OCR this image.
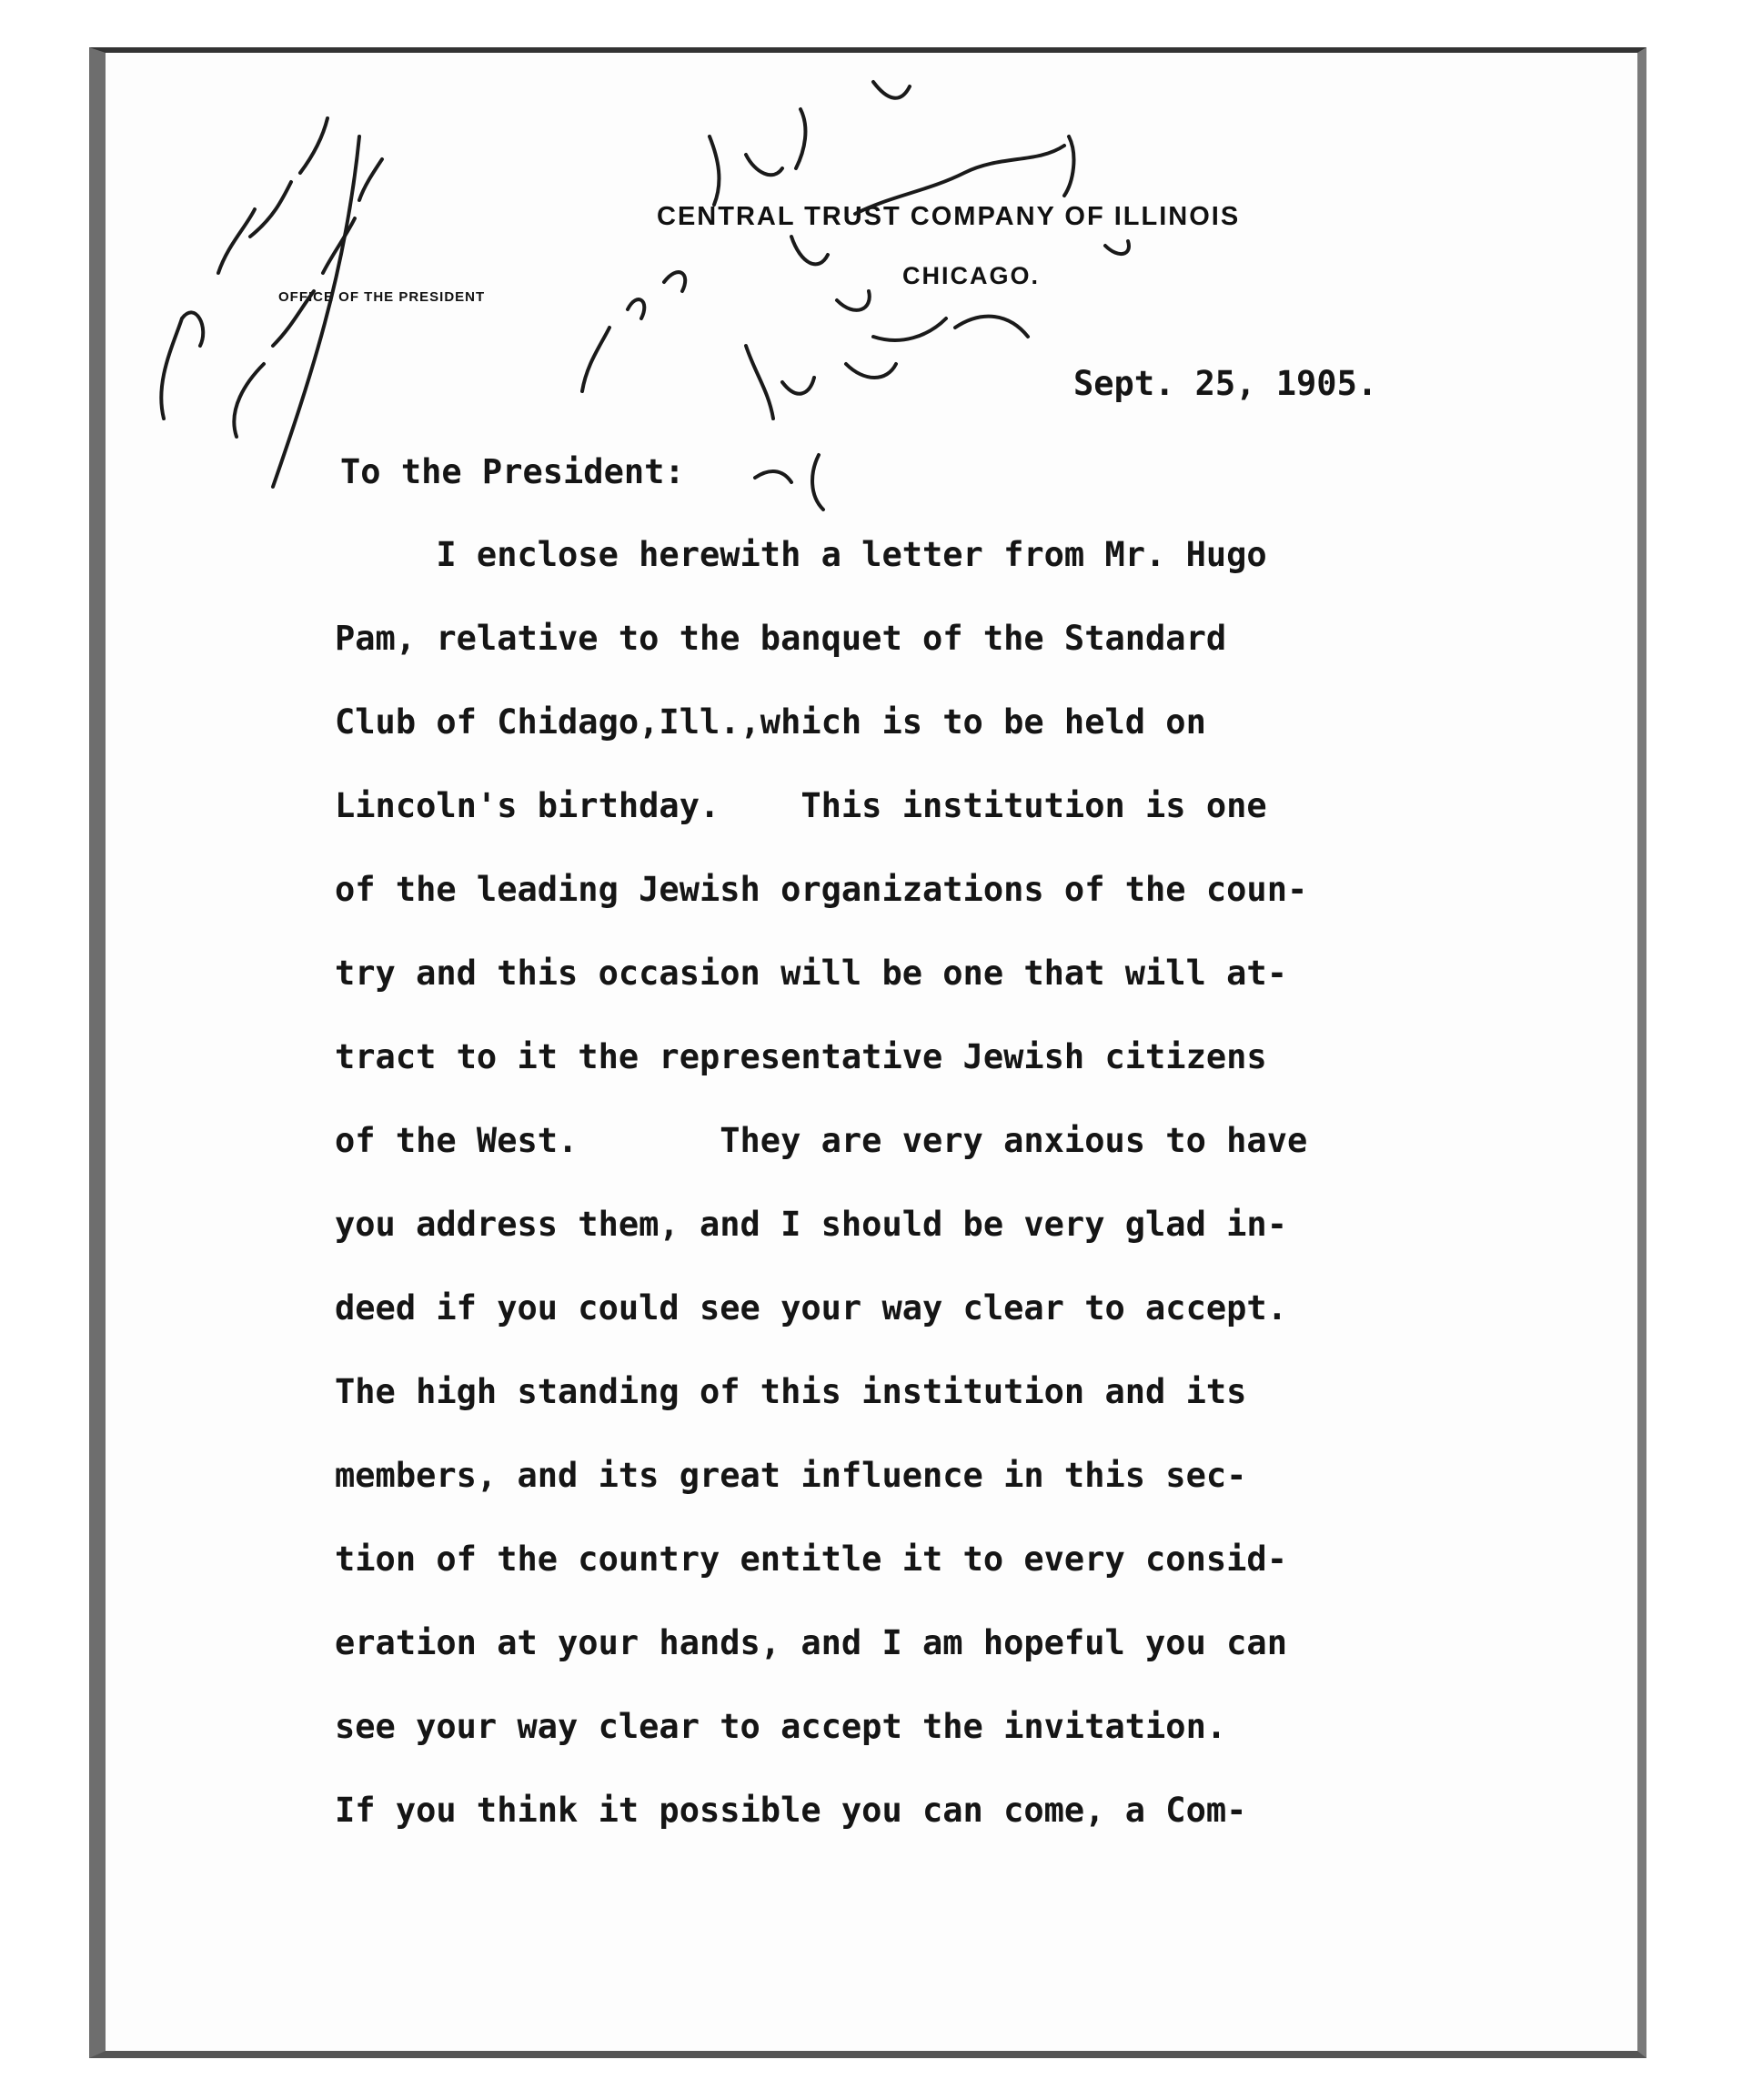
CENTRAL TRUST COMPANY OF ILLINOIS
CHICAGO.
OFFICE OF THE PRESIDENT
Sept. 25, 1905.
To the President:
I enclose herewith a letter from Mr. Hugo
Pam, relative to the banquet of the Standard
Club of Chidago,Ill.,which is to be held on
Lincoln's birthday.    This institution is one
of the leading Jewish organizations of the coun-
try and this occasion will be one that will at-
tract to it the representative Jewish citizens
of the West.       They are very anxious to have
you address them, and I should be very glad in-
deed if you could see your way clear to accept.
The high standing of this institution and its
members, and its great influence in this sec-
tion of the country entitle it to every consid-
eration at your hands, and I am hopeful you can
see your way clear to accept the invitation.
If you think it possible you can come, a Com-
